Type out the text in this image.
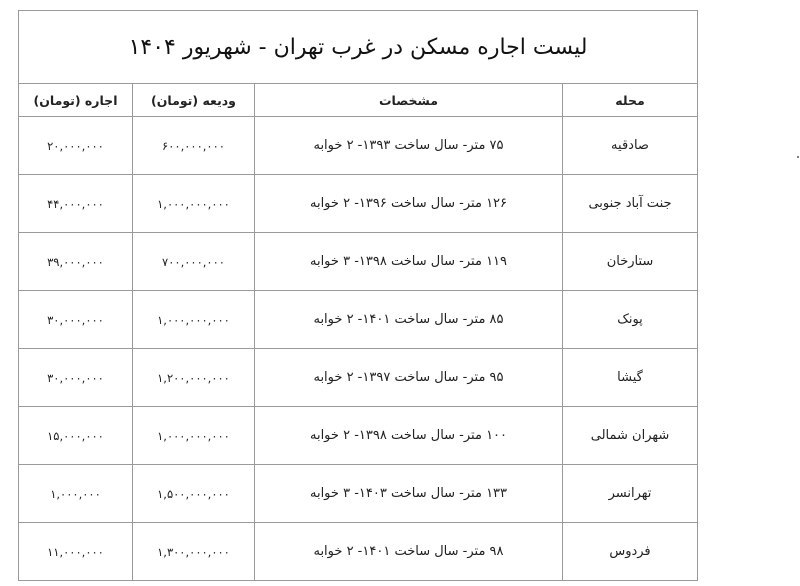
لیست اجاره مسکن در غرب تهران - شهریور ۱۴۰۴			
محله	مشخصات	ودیعه (تومان)	اجاره (تومان)
صادقیه	۷۵ متر- سال ساخت ۱۳۹۳- ۲ خوابه	۶۰۰,۰۰۰,۰۰۰	۲۰,۰۰۰,۰۰۰
جنت آباد جنوبی	۱۲۶ متر- سال ساخت ۱۳۹۶- ۲ خوابه	۱,۰۰۰,۰۰۰,۰۰۰	۴۴,۰۰۰,۰۰۰
ستارخان	۱۱۹ متر- سال ساخت ۱۳۹۸- ۳ خوابه	۷۰۰,۰۰۰,۰۰۰	۳۹,۰۰۰,۰۰۰
پونک	۸۵ متر- سال ساخت ۱۴۰۱- ۲ خوابه	۱,۰۰۰,۰۰۰,۰۰۰	۳۰,۰۰۰,۰۰۰
گیشا	۹۵ متر- سال ساخت ۱۳۹۷- ۲ خوابه	۱,۲۰۰,۰۰۰,۰۰۰	۳۰,۰۰۰,۰۰۰
شهران شمالی	۱۰۰ متر- سال ساخت ۱۳۹۸- ۲ خوابه	۱,۰۰۰,۰۰۰,۰۰۰	۱۵,۰۰۰,۰۰۰
تهرانسر	۱۳۳ متر- سال ساخت ۱۴۰۳- ۳ خوابه	۱,۵۰۰,۰۰۰,۰۰۰	۱,۰۰۰,۰۰۰
فردوس	۹۸ متر- سال ساخت ۱۴۰۱- ۲ خوابه	۱,۳۰۰,۰۰۰,۰۰۰	۱۱,۰۰۰,۰۰۰
